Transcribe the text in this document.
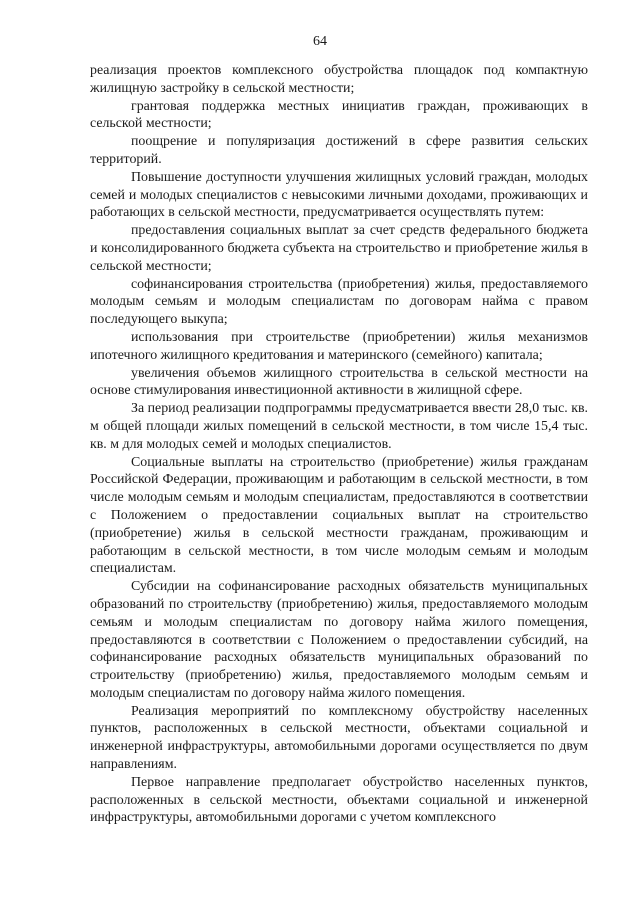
64

реализация проектов комплексного обустройства площадок под компактную жилищную застройку в сельской местности;

грантовая поддержка местных инициатив граждан, проживающих в сельской местности;

поощрение и популяризация достижений в сфере развития сельских территорий.

Повышение доступности улучшения жилищных условий граждан, молодых семей и молодых специалистов с невысокими личными доходами, проживающих и работающих в сельской местности, предусматривается осуществлять путем:

предоставления социальных выплат за счет средств федерального бюджета и консолидированного бюджета субъекта на строительство и приобретение жилья в сельской местности;

софинансирования строительства (приобретения) жилья, предоставляемого молодым семьям и молодым специалистам по договорам найма с правом последующего выкупа;

использования при строительстве (приобретении) жилья механизмов ипотечного жилищного кредитования и материнского (семейного) капитала;

увеличения объемов жилищного строительства в сельской местности на основе стимулирования инвестиционной активности в жилищной сфере.

За период реализации подпрограммы предусматривается ввести 28,0 тыс. кв. м общей площади жилых помещений в сельской местности, в том числе 15,4 тыс. кв. м для молодых семей и молодых специалистов.

Социальные выплаты на строительство (приобретение) жилья гражданам Российской Федерации, проживающим и работающим в сельской местности, в том числе молодым семьям и молодым специалистам, предоставляются в соответствии с Положением о предоставлении социальных выплат на строительство (приобретение) жилья в сельской местности гражданам, проживающим и работающим в сельской местности, в том числе молодым семьям и молодым специалистам.

Субсидии на софинансирование расходных обязательств муниципальных образований по строительству (приобретению) жилья, предоставляемого молодым семьям и молодым специалистам по договору найма жилого помещения, предоставляются в соответствии с Положением о предоставлении субсидий, на софинансирование расходных обязательств муниципальных образований по строительству (приобретению) жилья, предоставляемого молодым семьям и молодым специалистам по договору найма жилого помещения.

Реализация мероприятий по комплексному обустройству населенных пунктов, расположенных в сельской местности, объектами социальной и инженерной инфраструктуры, автомобильными дорогами осуществляется по двум направлениям.

Первое направление предполагает обустройство населенных пунктов, расположенных в сельской местности, объектами социальной и инженерной инфраструктуры, автомобильными дорогами с учетом комплексного
